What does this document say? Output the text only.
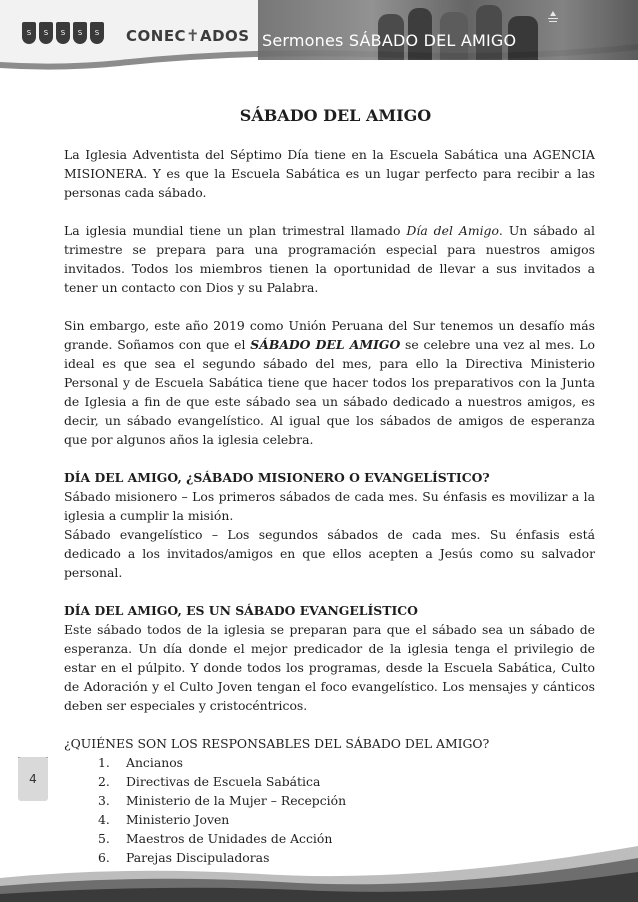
S	S	S	S	S	CONEC✝ADOS Sermones SÁBADO DEL AMIGO
SÁBADO DEL AMIGO

La Iglesia Adventista del Séptimo Día tiene en la Escuela Sabática una AGENCIA MISIONERA. Y es que la Escuela Sabática es un lugar perfecto para recibir a las personas cada sábado.

La iglesia mundial tiene un plan trimestral llamado Día del Amigo. Un sábado al trimestre se prepara para una programación especial para nuestros amigos invitados. Todos los miembros tienen la oportunidad de llevar a sus invitados a tener un contacto con Dios y su Palabra.

Sin embargo, este año 2019 como Unión Peruana del Sur tenemos un desafío más grande. Soñamos con que el SÁBADO DEL AMIGO se celebre una vez al mes. Lo ideal es que sea el segundo sábado del mes, para ello la Directiva Ministerio Personal y de Escuela Sabática tiene que hacer todos los preparativos con la Junta de Iglesia a fin de que este sábado sea un sábado dedicado a nuestros amigos, es decir, un sábado evangelístico. Al igual que los sábados de amigos de esperanza que por algunos años la iglesia celebra.

DÍA DEL AMIGO, ¿SÁBADO MISIONERO O EVANGELÍSTICO?
Sábado misionero – Los primeros sábados de cada mes. Su énfasis es movilizar a la iglesia a cumplir la misión.
Sábado evangelístico – Los segundos sábados de cada mes. Su énfasis está dedicado a los invitados/amigos en que ellos acepten a Jesús como su salvador personal.
DÍA DEL AMIGO, ES UN SÁBADO EVANGELÍSTICO
Este sábado todos de la iglesia se preparan para que el sábado sea un sábado de esperanza. Un día donde el mejor predicador de la iglesia tenga el privilegio de estar en el púlpito. Y donde todos los programas, desde la Escuela Sabática, Culto de Adoración y el Culto Joven tengan el foco evangelístico. Los mensajes y cánticos deben ser especiales y cristocéntricos.
¿QUIÉNES SON LOS RESPONSABLES DEL SÁBADO DEL AMIGO?
1.	Ancianos
2.	Directivas de Escuela Sabática
3.	Ministerio de la Mujer – Recepción
4.	Ministerio Joven
5.	Maestros de Unidades de Acción
6.	Parejas Discipuladoras
4
